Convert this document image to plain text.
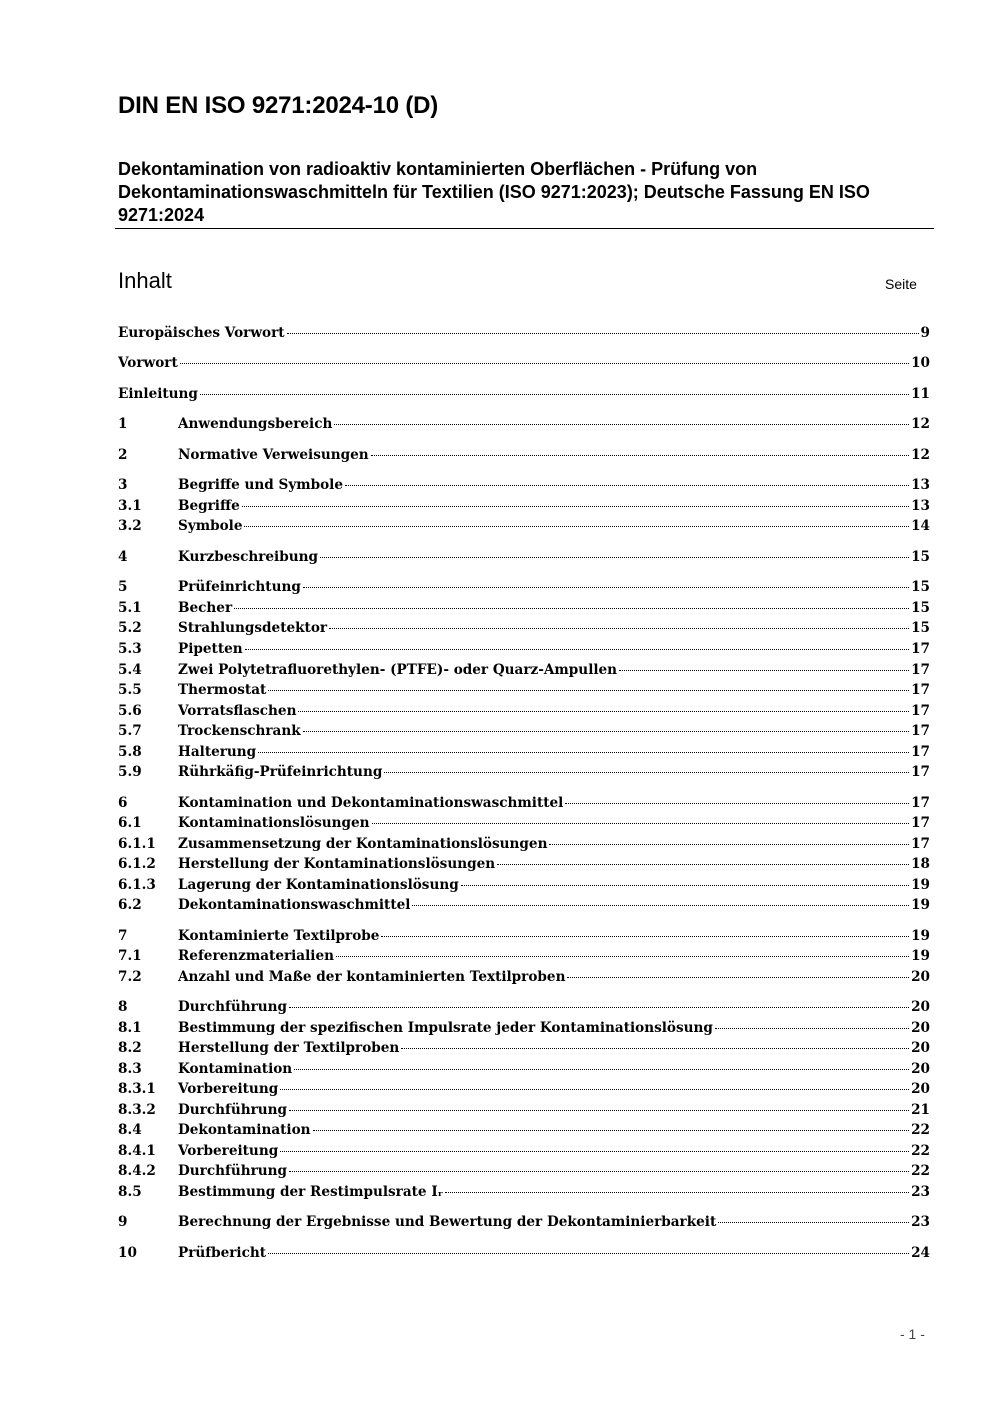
DIN EN ISO 9271:2024-10 (D)
Dekontamination von radioaktiv kontaminierten Oberflächen - Prüfung von Dekontaminationswaschmitteln für Textilien (ISO 9271:2023); Deutsche Fassung EN ISO 9271:2024
Inhalt	Seite
Europäisches Vorwort	9
Vorwort	10
Einleitung	11
1	Anwendungsbereich	12
2	Normative Verweisungen	12
3	Begriffe und Symbole	13
3.1	Begriffe	13
3.2	Symbole	14
4	Kurzbeschreibung	15
5	Prüfeinrichtung	15
5.1	Becher	15
5.2	Strahlungsdetektor	15
5.3	Pipetten	17
5.4	Zwei Polytetrafluorethylen- (PTFE)- oder Quarz-Ampullen	17
5.5	Thermostat	17
5.6	Vorratsflaschen	17
5.7	Trockenschrank	17
5.8	Halterung	17
5.9	Rührkäfig-Prüfeinrichtung	17
6	Kontamination und Dekontaminationswaschmittel	17
6.1	Kontaminationslösungen	17
6.1.1	Zusammensetzung der Kontaminationslösungen	17
6.1.2	Herstellung der Kontaminationslösungen	18
6.1.3	Lagerung der Kontaminationslösung	19
6.2	Dekontaminationswaschmittel	19
7	Kontaminierte Textilprobe	19
7.1	Referenzmaterialien	19
7.2	Anzahl und Maße der kontaminierten Textilproben	20
8	Durchführung	20
8.1	Bestimmung der spezifischen Impulsrate jeder Kontaminationslösung	20
8.2	Herstellung der Textilproben	20
8.3	Kontamination	20
8.3.1	Vorbereitung	20
8.3.2	Durchführung	21
8.4	Dekontamination	22
8.4.1	Vorbereitung	22
8.4.2	Durchführung	22
8.5	Bestimmung der Restimpulsrate Iᵣ	23
9	Berechnung der Ergebnisse und Bewertung der Dekontaminierbarkeit	23
10	Prüfbericht	24
- 1 -
